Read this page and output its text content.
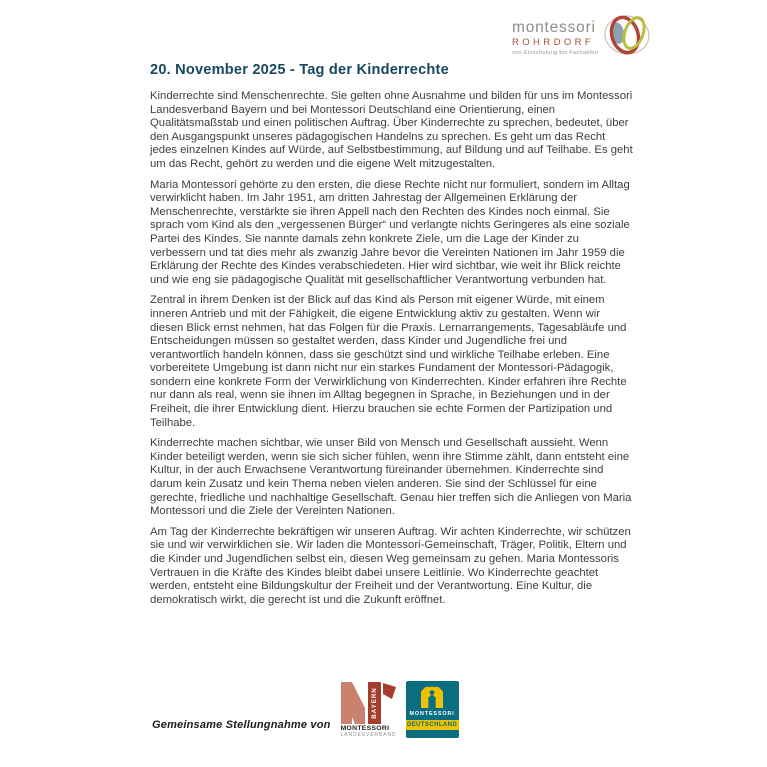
montessori
ROHRDORF
von Einschulung bis Fachabitur
20. November 2025 - Tag der Kinderrechte

Kinderrechte sind Menschenrechte. Sie gelten ohne Ausnahme und bilden für uns im Montessori Landesverband Bayern und bei Montessori Deutschland eine Orientierung, einen Qualitätsmaßstab und einen politischen Auftrag. Über Kinderrechte zu sprechen, bedeutet, über den Ausgangspunkt unseres pädagogischen Handelns zu sprechen. Es geht um das Recht jedes einzelnen Kindes auf Würde, auf Selbstbestimmung, auf Bildung und auf Teilhabe. Es geht um das Recht, gehört zu werden und die eigene Welt mitzugestalten.

Maria Montessori gehörte zu den ersten, die diese Rechte nicht nur formuliert, sondern im Alltag verwirklicht haben. Im Jahr 1951, am dritten Jahrestag der Allgemeinen Erklärung der Menschenrechte, verstärkte sie ihren Appell nach den Rechten des Kindes noch einmal. Sie sprach vom Kind als den „vergessenen Bürger“ und verlangte nichts Geringeres als eine soziale Partei des Kindes. Sie nannte damals zehn konkrete Ziele, um die Lage der Kinder zu verbessern und tat dies mehr als zwanzig Jahre bevor die Vereinten Nationen im Jahr 1959 die Erklärung der Rechte des Kindes verabschiedeten. Hier wird sichtbar, wie weit ihr Blick reichte und wie eng sie pädagogische Qualität mit gesellschaftlicher Verantwortung verbunden hat.

Zentral in ihrem Denken ist der Blick auf das Kind als Person mit eigener Würde, mit einem inneren Antrieb und mit der Fähigkeit, die eigene Entwicklung aktiv zu gestalten. Wenn wir diesen Blick ernst nehmen, hat das Folgen für die Praxis. Lernarrangements, Tagesabläufe und Entscheidungen müssen so gestaltet werden, dass Kinder und Jugendliche frei und verantwortlich handeln können, dass sie geschützt sind und wirkliche Teilhabe erleben. Eine vorbereitete Umgebung ist dann nicht nur ein starkes Fundament der Montessori-Pädagogik, sondern eine konkrete Form der Verwirklichung von Kinderrechten. Kinder erfahren ihre Rechte nur dann als real, wenn sie ihnen im Alltag begegnen in Sprache, in Beziehungen und in der Freiheit, die ihrer Entwicklung dient. Hierzu brauchen sie echte Formen der Partizipation und Teilhabe.

Kinderrechte machen sichtbar, wie unser Bild von Mensch und Gesellschaft aussieht. Wenn Kinder beteiligt werden, wenn sie sich sicher fühlen, wenn ihre Stimme zählt, dann entsteht eine Kultur, in der auch Erwachsene Verantwortung füreinander übernehmen. Kinderrechte sind darum kein Zusatz und kein Thema neben vielen anderen. Sie sind der Schlüssel für eine gerechte, friedliche und nachhaltige Gesellschaft. Genau hier treffen sich die Anliegen von Maria Montessori und die Ziele der Vereinten Nationen.

Am Tag der Kinderrechte bekräftigen wir unseren Auftrag. Wir achten Kinderrechte, wir schützen sie und wir verwirklichen sie. Wir laden die Montessori-Gemeinschaft, Träger, Politik, Eltern und die Kinder und Jugendlichen selbst ein, diesen Weg gemeinsam zu gehen. Maria Montessoris Vertrauen in die Kräfte des Kindes bleibt dabei unsere Leitlinie. Wo Kinderrechte geachtet werden, entsteht eine Bildungskultur der Freiheit und der Verantwortung. Eine Kultur, die demokratisch wirkt, die gerecht ist und die Zukunft eröffnet.

Gemeinsame Stellungnahme von
BAYERN
MONTESSORI
LANDESVERBAND
MONTESSORI
DEUTSCHLAND
